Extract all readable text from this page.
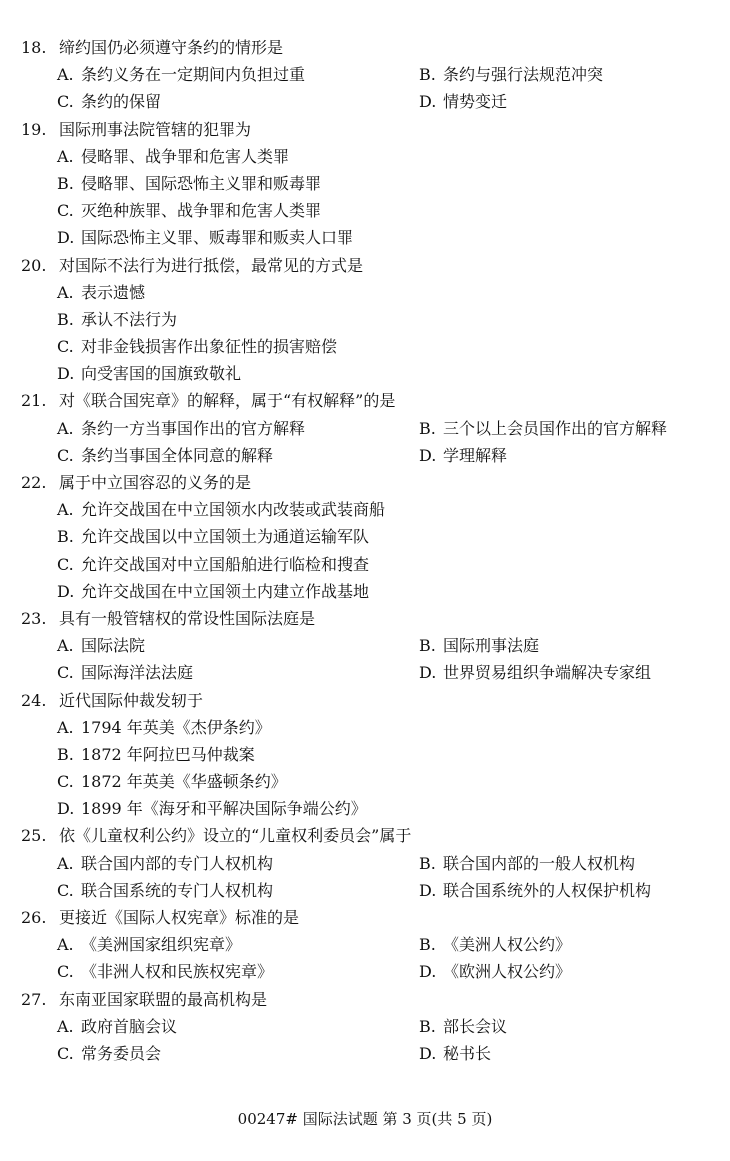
18. 缔约国仍必须遵守条约的情形是
A. 条约义务在一定期间内负担过重	B. 条约与强行法规范冲突
C. 条约的保留	D. 情势变迁
19. 国际刑事法院管辖的犯罪为
A. 侵略罪、战争罪和危害人类罪
B. 侵略罪、国际恐怖主义罪和贩毒罪
C. 灭绝种族罪、战争罪和危害人类罪
D. 国际恐怖主义罪、贩毒罪和贩卖人口罪
20. 对国际不法行为进行抵偿，最常见的方式是
A. 表示遗憾
B. 承认不法行为
C. 对非金钱损害作出象征性的损害赔偿
D. 向受害国的国旗致敬礼
21. 对《联合国宪章》的解释，属于“有权解释”的是
A. 条约一方当事国作出的官方解释	B. 三个以上会员国作出的官方解释
C. 条约当事国全体同意的解释	D. 学理解释
22. 属于中立国容忍的义务的是
A. 允许交战国在中立国领水内改装或武装商船
B. 允许交战国以中立国领土为通道运输军队
C. 允许交战国对中立国船舶进行临检和搜查
D. 允许交战国在中立国领土内建立作战基地
23. 具有一般管辖权的常设性国际法庭是
A. 国际法院	B. 国际刑事法庭
C. 国际海洋法法庭	D. 世界贸易组织争端解决专家组
24. 近代国际仲裁发轫于
A. 1794 年英美《杰伊条约》
B. 1872 年阿拉巴马仲裁案
C. 1872 年英美《华盛顿条约》
D. 1899 年《海牙和平解决国际争端公约》
25. 依《儿童权利公约》设立的“儿童权利委员会”属于
A. 联合国内部的专门人权机构	B. 联合国内部的一般人权机构
C. 联合国系统的专门人权机构	D. 联合国系统外的人权保护机构
26. 更接近《国际人权宪章》标准的是
A. 《美洲国家组织宪章》	B. 《美洲人权公约》
C. 《非洲人权和民族权宪章》	D. 《欧洲人权公约》
27. 东南亚国家联盟的最高机构是
A. 政府首脑会议	B. 部长会议
C. 常务委员会	D. 秘书长
00247# 国际法试题 第 3 页(共 5 页)
